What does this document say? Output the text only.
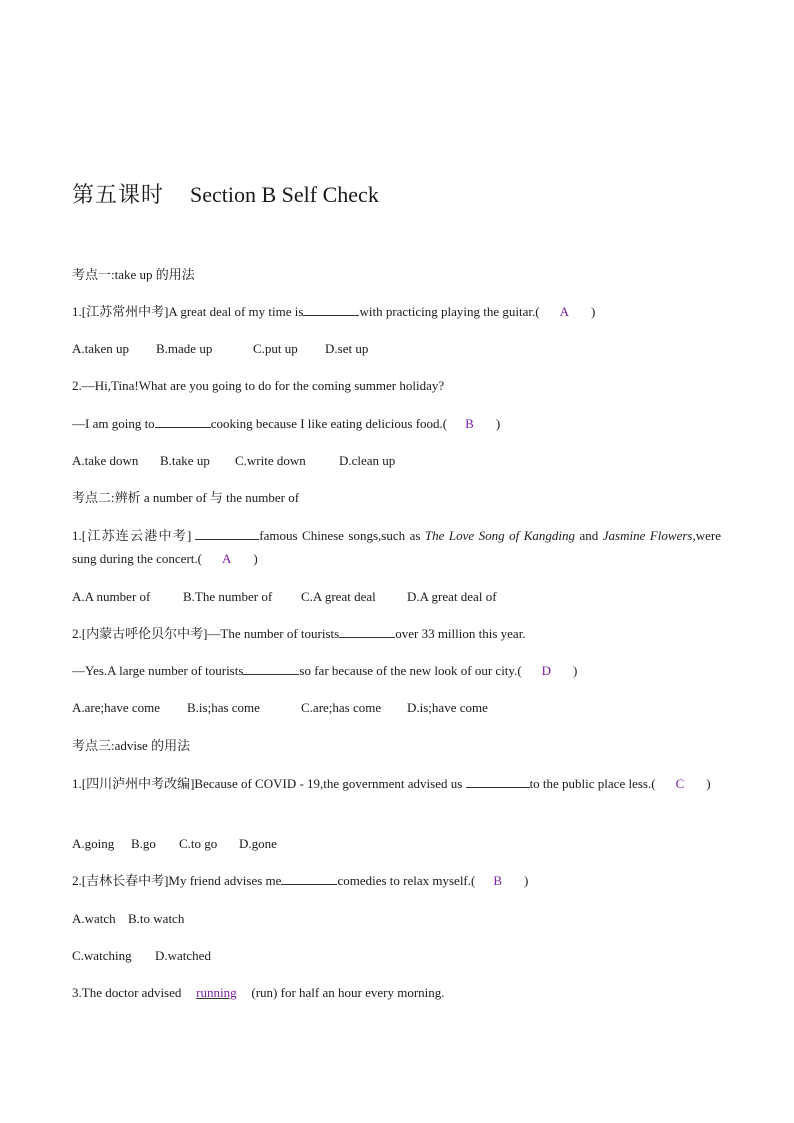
第五课时 Section B Self Check
考点一:take up 的用法
1.[江苏常州中考]A great deal of my time is	with practicing playing the guitar.( A )
A.taken up B.made up	C.put up D.set up
2.—Hi,Tina!What are you going to do for the coming summer holiday?
—I am going to	cooking because I like eating delicious food.( B )
A.take down B.take up C.write down	D.clean up
考点二:辨析 a number of 与 the number of
1.[江苏连云港中考]	famous Chinese songs,such as The Love Song of Kangding and Jasmine Flowers,were sung during the concert.( A )
A.A number of	B.The number of C.A great deal D.A great deal of
2.[内蒙古呼伦贝尔中考]—The number of tourists	over 33 million this year.
—Yes.A large number of tourists	so far because of the new look of our city.( D )
A.are;have come B.is;has come	C.are;has come D.is;have come
考点三:advise 的用法
1.[四川泸州中考改编]Because of COVID - 19,the government advised us	to the public place less.( C )
A.going B.go C.to go D.gone
2.[吉林长春中考]My friend advises me	comedies to relax myself.( B )
A.watch B.to watch
C.watching D.watched
3.The doctor advised running (run) for half an hour every morning.
